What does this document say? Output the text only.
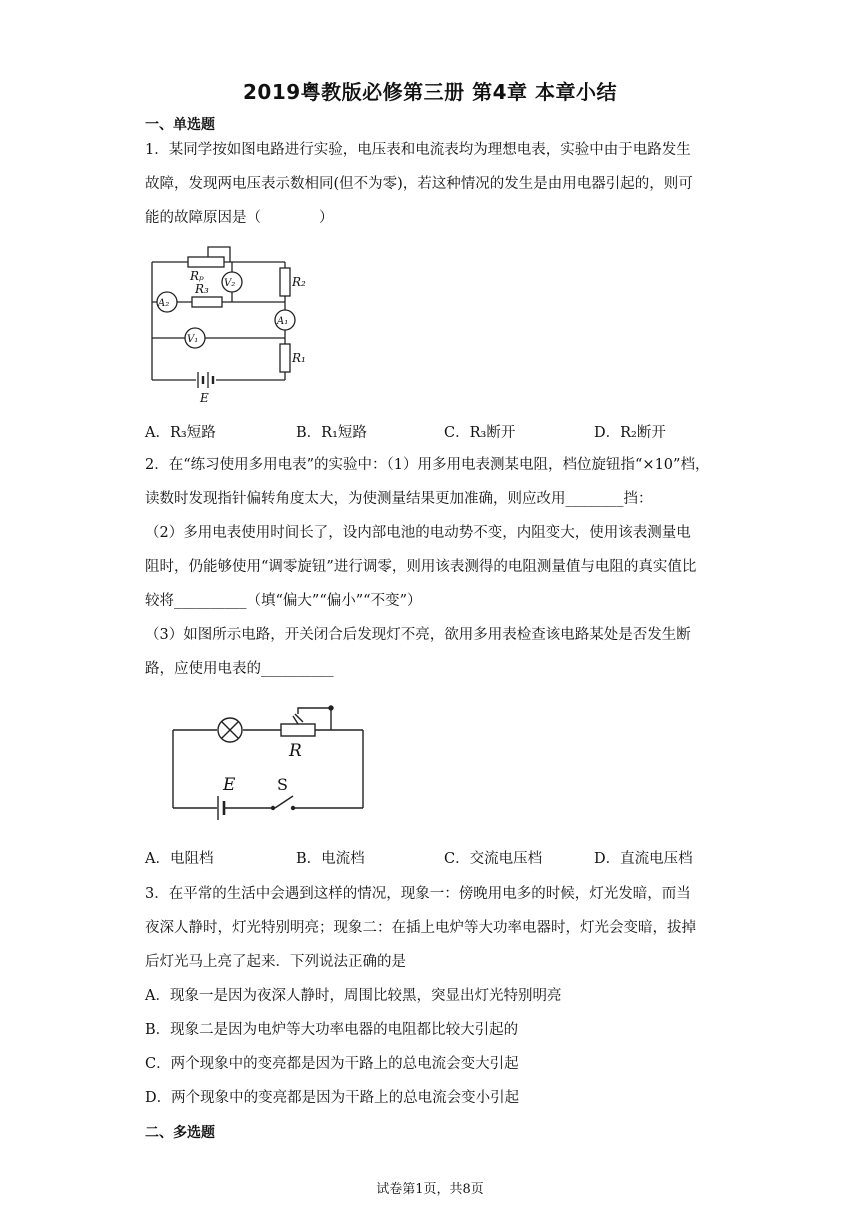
2019粤教版必修第三册 第4章 本章小结
一、单选题
1．某同学按如图电路进行实验，电压表和电流表均为理想电表，实验中由于电路发生
故障，发现两电压表示数相同(但不为零)，若这种情况的发生是由用电器引起的，则可
能的故障原因是（　　　　）
Rₚ
V₂	R₂
A₂
R₃
A₁
V₁
R₁
E
A．R₃短路	B．R₁短路	C．R₃断开	D．R₂断开
2．在“练习使用多用电表”的实验中：（1）用多用电表测某电阻，档位旋钮指“×10”档，
读数时发现指针偏转角度太大，为使测量结果更加准确，则应改用________挡：
（2）多用电表使用时间长了，设内部电池的电动势不变，内阻变大，使用该表测量电
阻时，仍能够使用“调零旋钮”进行调零，则用该表测得的电阻测量值与电阻的真实值比
较将__________（填“偏大”“偏小”“不变”）
（3）如图所示电路，开关闭合后发现灯不亮，欲用多用表检查该电路某处是否发生断
路，应使用电表的__________
R
E	S
A．电阻档	B．电流档	C．交流电压档	D．直流电压档
3．在平常的生活中会遇到这样的情况，现象一：傍晚用电多的时候，灯光发暗，而当
夜深人静时，灯光特别明亮；现象二：在插上电炉等大功率电器时，灯光会变暗，拔掉
后灯光马上亮了起来．下列说法正确的是
A．现象一是因为夜深人静时，周围比较黑，突显出灯光特别明亮
B．现象二是因为电炉等大功率电器的电阻都比较大引起的
C．两个现象中的变亮都是因为干路上的总电流会变大引起
D．两个现象中的变亮都是因为干路上的总电流会变小引起
二、多选题
试卷第1页，共8页
